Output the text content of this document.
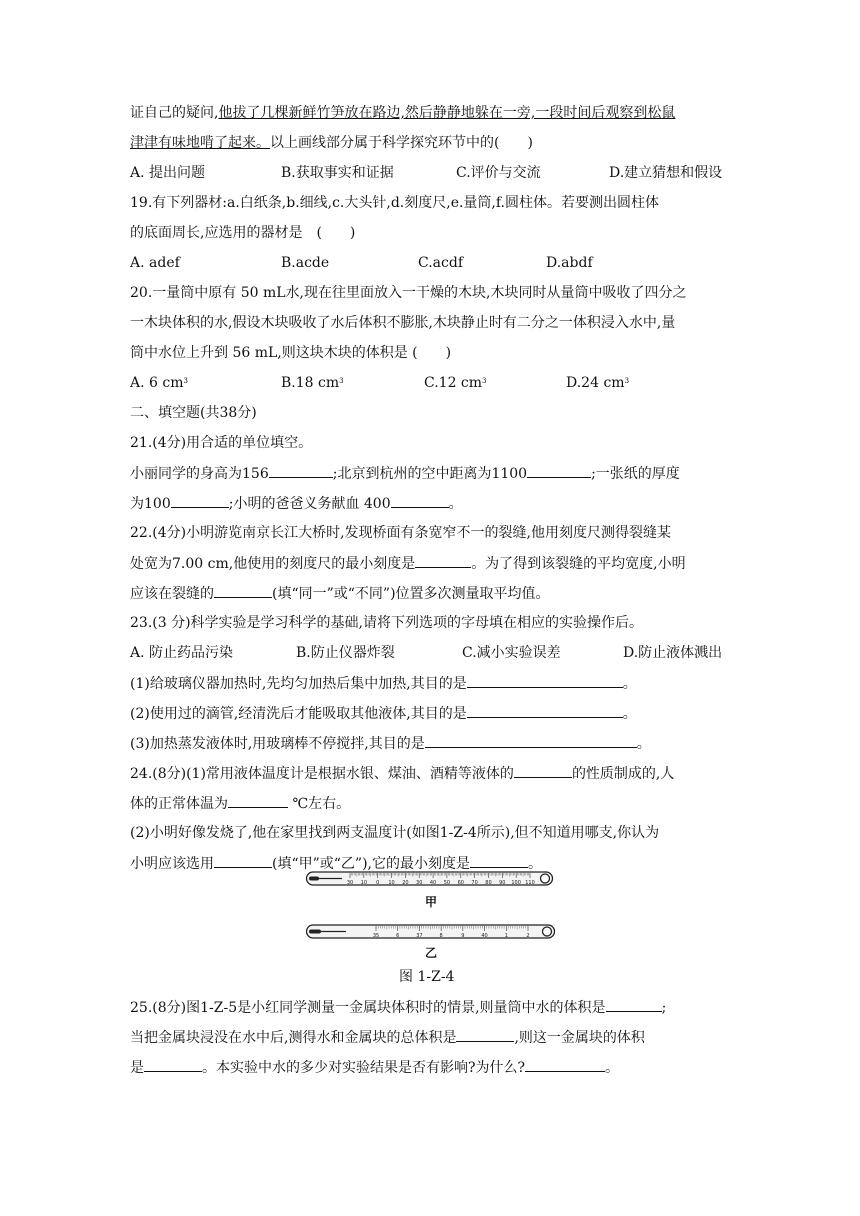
证自己的疑问,他拔了几棵新鲜竹笋放在路边,然后静静地躲在一旁,一段时间后观察到松鼠
津津有味地啃了起来。以上画线部分属于科学探究环节中的(　　)
A. 提出问题	B.获取事实和证据	C.评价与交流	D.建立猜想和假设
19.有下列器材:a.白纸条,b.细线,c.大头针,d.刻度尺,e.量筒,f.圆柱体。若要测出圆柱体
的底面周长,应选用的器材是　(　　)
A. adef	B.acde	C.acdf	D.abdf
20.一量筒中原有 50 mL水,现在往里面放入一干燥的木块,木块同时从量筒中吸收了四分之
一木块体积的水,假设木块吸收了水后体积不膨胀,木块静止时有二分之一体积浸入水中,量
筒中水位上升到 56 mL,则这块木块的体积是 (　　)
A. 6 $cm^3$	B.18 $cm^3$	C.12 $cm^3$	D.24 $cm^3$
二、填空题(共38分)
21.(4分)用合适的单位填空。
小丽同学的身高为156	;北京到杭州的空中距离为1100	;一张纸的厚度
为100	;小明的爸爸义务献血 400	。
22.(4分)小明游览南京长江大桥时,发现桥面有条宽窄不一的裂缝,他用刻度尺测得裂缝某
处宽为7.00 cm,他使用的刻度尺的最小刻度是	。为了得到该裂缝的平均宽度,小明
应该在裂缝的	(填“同一”或“不同”)位置多次测量取平均值。
23.(3 分)科学实验是学习科学的基础,请将下列选项的字母填在相应的实验操作后。
A. 防止药品污染	B.防止仪器炸裂	C.减小实验误差	D.防止液体溅出
(1)给玻璃仪器加热时,先均匀加热后集中加热,其目的是	。
(2)使用过的滴管,经清洗后才能吸取其他液体,其目的是	。
(3)加热蒸发液体时,用玻璃棒不停搅拌,其目的是	。
24.(8分)(1)常用液体温度计是根据水银、煤油、酒精等液体的	的性质制成的,人
体的正常体温为	℃左右。
(2)小明好像发烧了,他在家里找到两支温度计(如图1-Z-4所示),但不知道用哪支,你认为
小明应该选用	(填“甲”或“乙”),它的最小刻度是	。
30 10 0 10 20 30 40 50 60 70 80 90 100 110
甲
35	6	37	8	9	40	1	2
乙
图 1-Z-4
25.(8分)图1-Z-5是小红同学测量一金属块体积时的情景,则量筒中水的体积是	;
当把金属块浸没在水中后,测得水和金属块的总体积是	,则这一金属块的体积
是	。本实验中水的多少对实验结果是否有影响?为什么?	。
